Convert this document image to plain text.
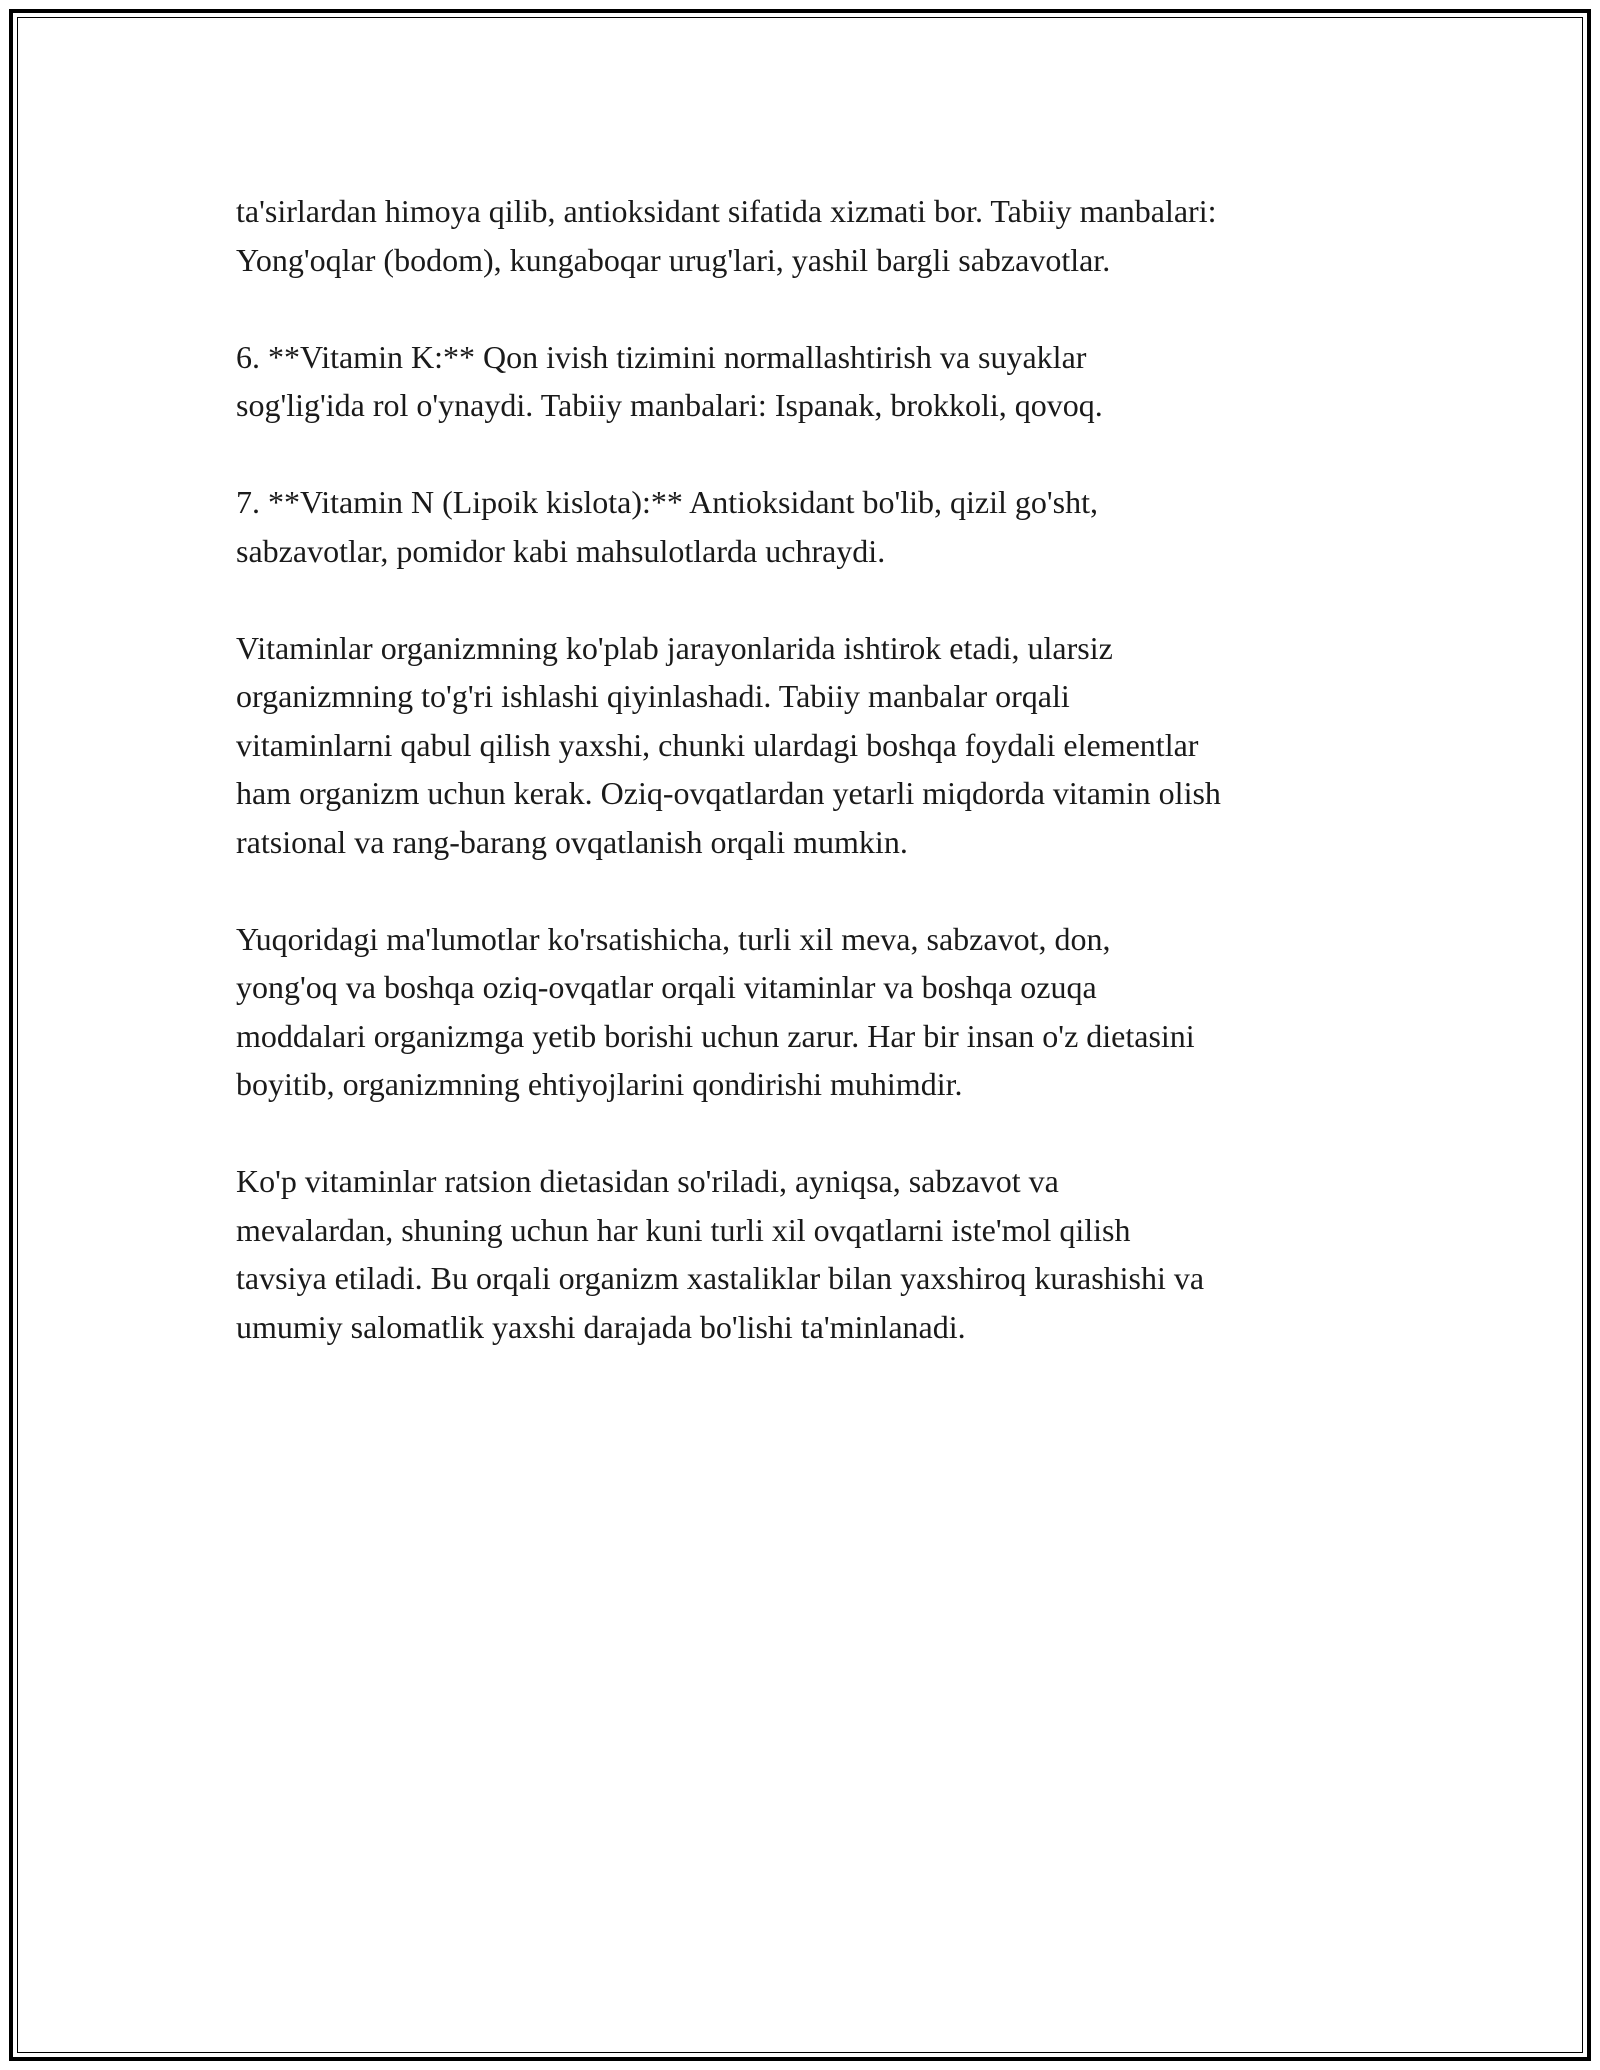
ta'sirlardan himoya qilib, antioksidant sifatida xizmati bor. Tabiiy manbalari:
Yong'oqlar (bodom), kungaboqar urug'lari, yashil bargli sabzavotlar.
6. **Vitamin K:** Qon ivish tizimini normallashtirish va suyaklar
sog'lig'ida rol o'ynaydi. Tabiiy manbalari: Ispanak, brokkoli, qovoq.
7. **Vitamin N (Lipoik kislota):** Antioksidant bo'lib, qizil go'sht,
sabzavotlar, pomidor kabi mahsulotlarda uchraydi.
Vitaminlar organizmning ko'plab jarayonlarida ishtirok etadi, ularsiz
organizmning to'g'ri ishlashi qiyinlashadi. Tabiiy manbalar orqali
vitaminlarni qabul qilish yaxshi, chunki ulardagi boshqa foydali elementlar
ham organizm uchun kerak. Oziq-ovqatlardan yetarli miqdorda vitamin olish
ratsional va rang-barang ovqatlanish orqali mumkin.
Yuqoridagi ma'lumotlar ko'rsatishicha, turli xil meva, sabzavot, don,
yong'oq va boshqa oziq-ovqatlar orqali vitaminlar va boshqa ozuqa
moddalari organizmga yetib borishi uchun zarur. Har bir insan o'z dietasini
boyitib, organizmning ehtiyojlarini qondirishi muhimdir.
Ko'p vitaminlar ratsion dietasidan so'riladi, ayniqsa, sabzavot va
mevalardan, shuning uchun har kuni turli xil ovqatlarni iste'mol qilish
tavsiya etiladi. Bu orqali organizm xastaliklar bilan yaxshiroq kurashishi va
umumiy salomatlik yaxshi darajada bo'lishi ta'minlanadi.
